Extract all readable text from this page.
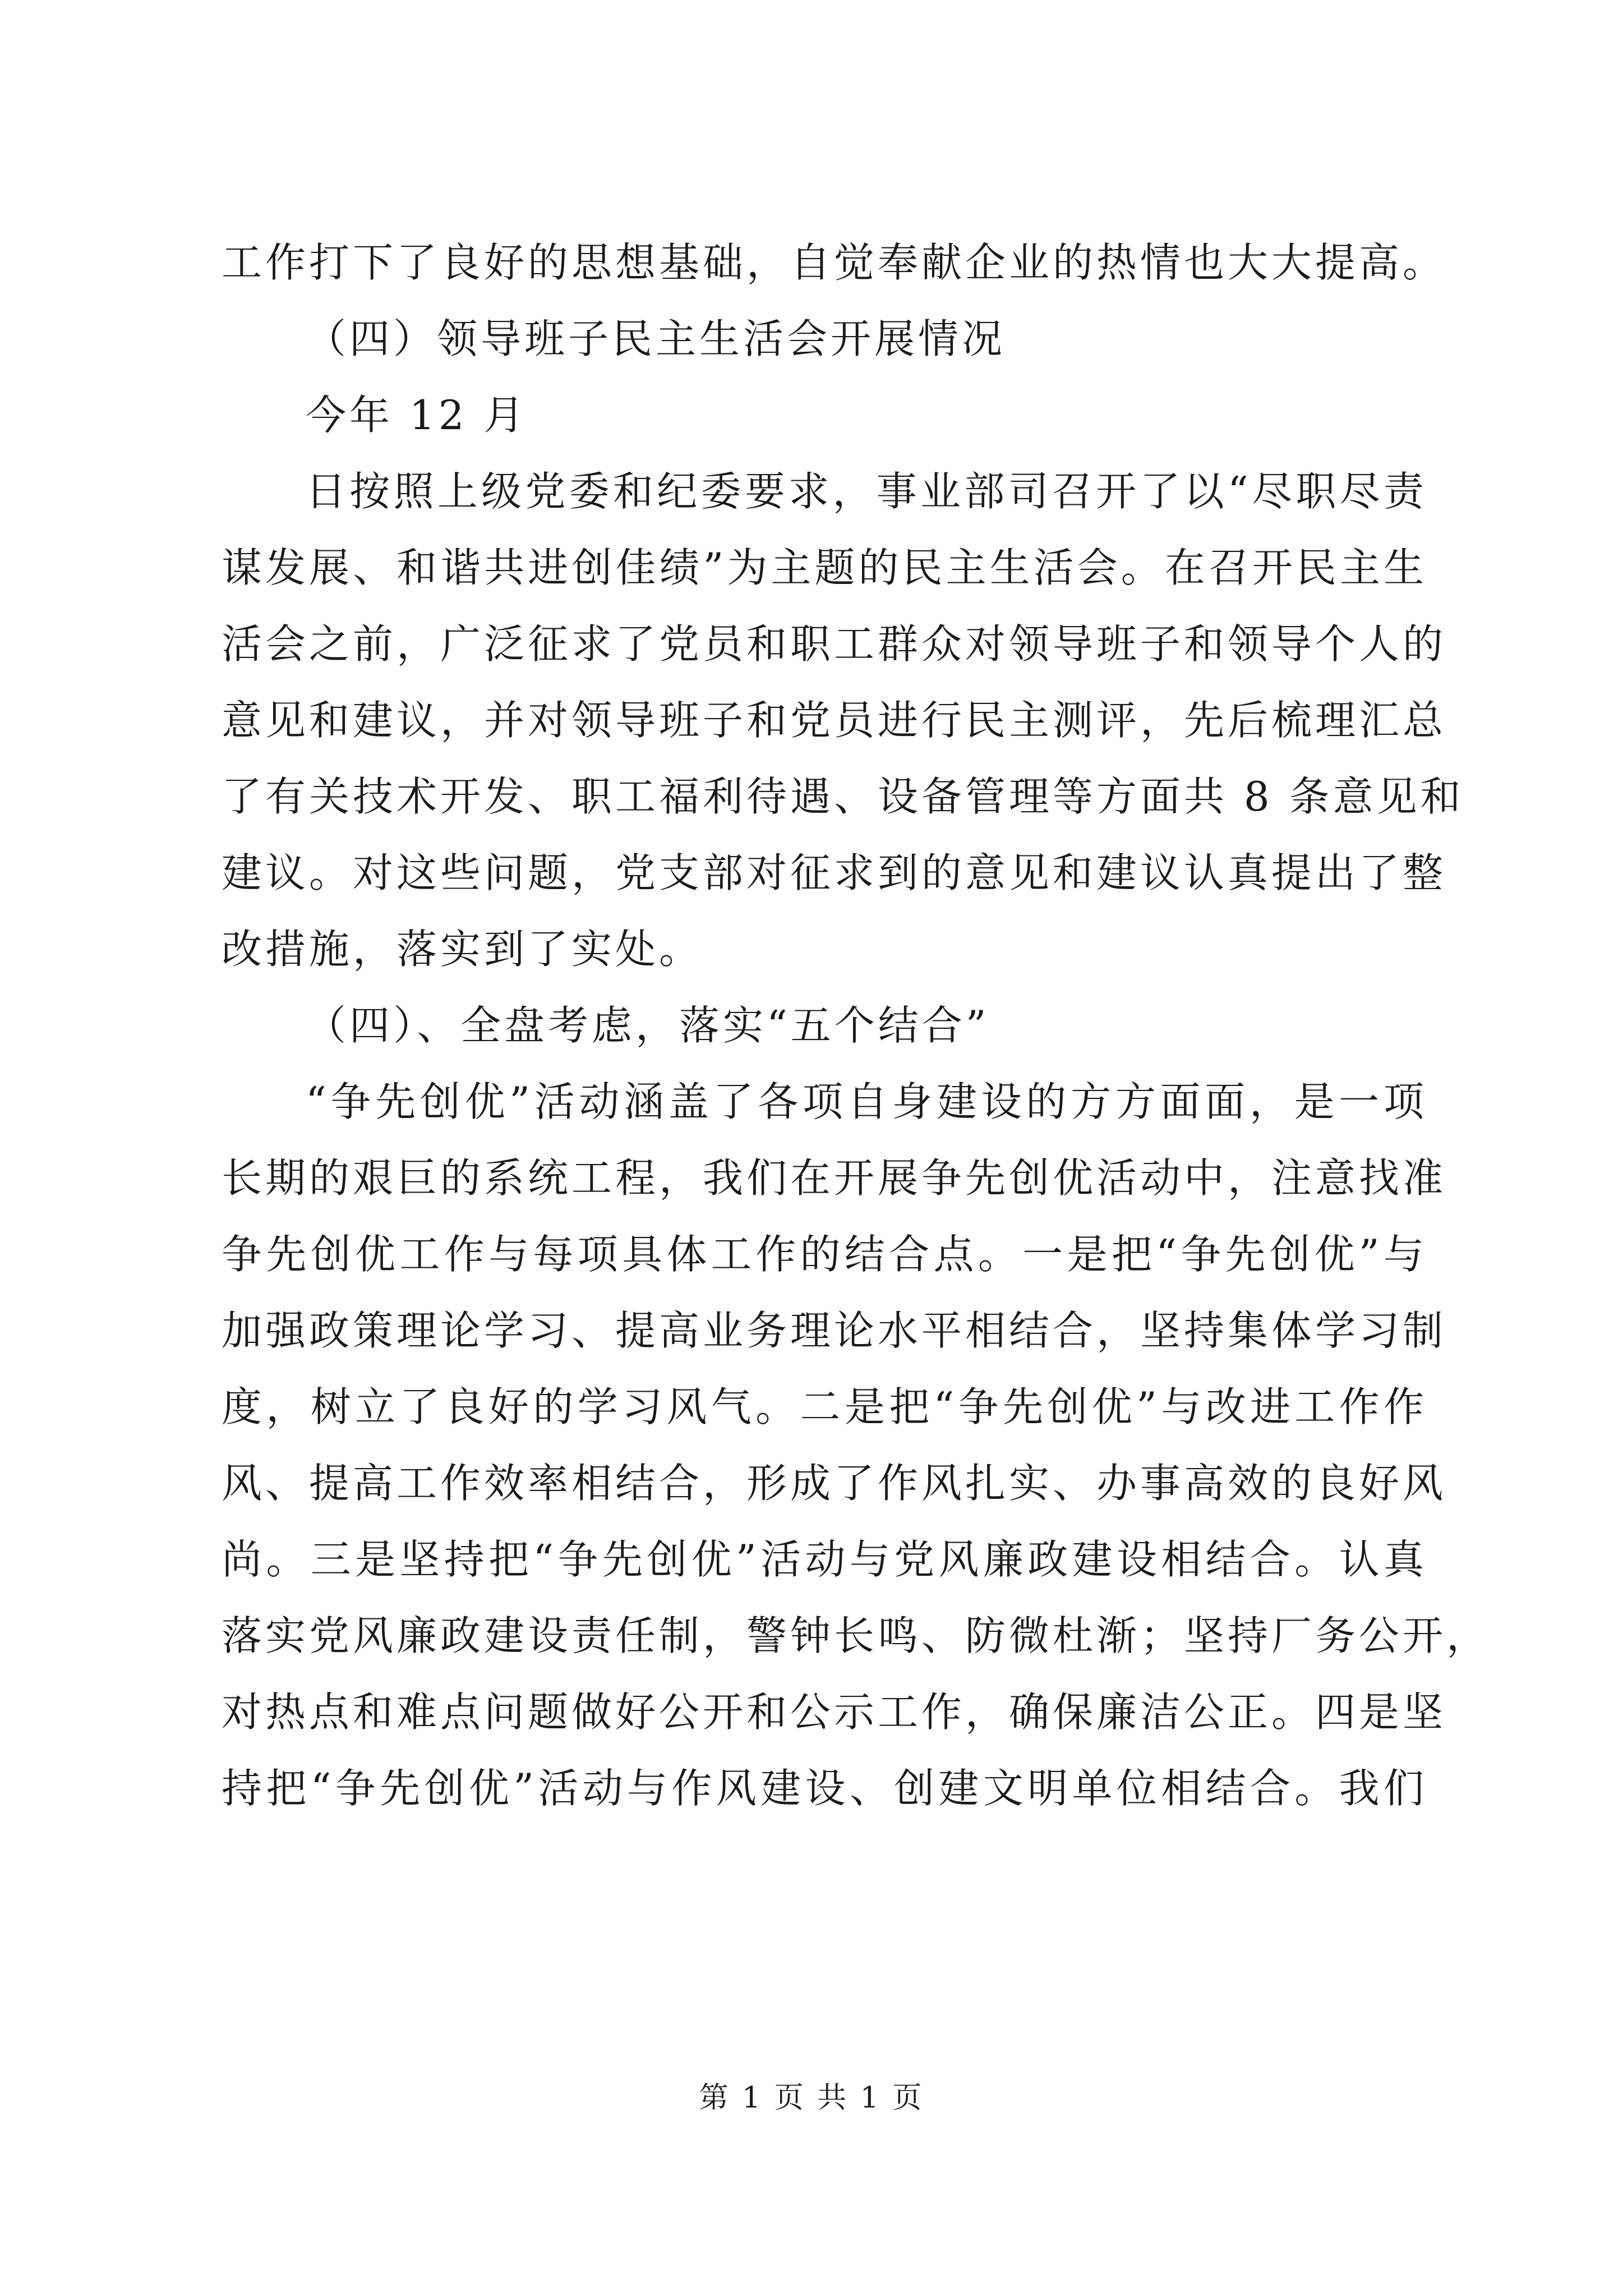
工作打下了良好的思想基础，自觉奉献企业的热情也大大提高。
（四）领导班子民主生活会开展情况
今年 12 月
日按照上级党委和纪委要求，事业部司召开了以“尽职尽责
谋发展、和谐共进创佳绩”为主题的民主生活会。在召开民主生
活会之前，广泛征求了党员和职工群众对领导班子和领导个人的
意见和建议，并对领导班子和党员进行民主测评，先后梳理汇总
了有关技术开发、职工福利待遇、设备管理等方面共 8 条意见和
建议。对这些问题，党支部对征求到的意见和建议认真提出了整
改措施，落实到了实处。
（四）、全盘考虑，落实“五个结合”
“争先创优”活动涵盖了各项自身建设的方方面面，是一项
长期的艰巨的系统工程，我们在开展争先创优活动中，注意找准
争先创优工作与每项具体工作的结合点。一是把“争先创优”与
加强政策理论学习、提高业务理论水平相结合，坚持集体学习制
度，树立了良好的学习风气。二是把“争先创优”与改进工作作
风、提高工作效率相结合，形成了作风扎实、办事高效的良好风
尚。三是坚持把“争先创优”活动与党风廉政建设相结合。认真
落实党风廉政建设责任制，警钟长鸣、防微杜渐；坚持厂务公开，
对热点和难点问题做好公开和公示工作，确保廉洁公正。四是坚
持把“争先创优”活动与作风建设、创建文明单位相结合。我们
第 1 页 共 1 页
